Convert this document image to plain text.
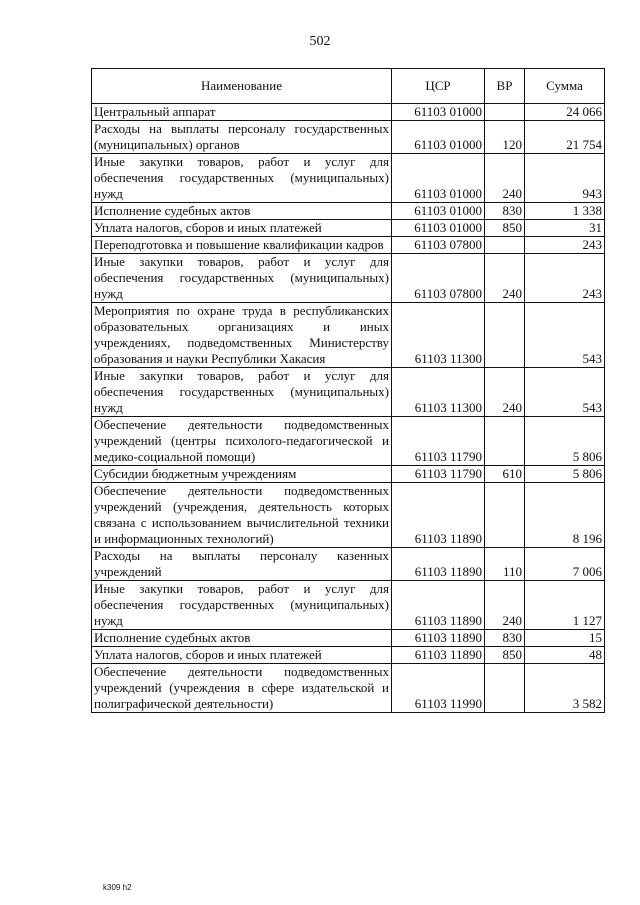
502
Наименование	ЦСР	ВР	Сумма
Центральный аппарат	61103 01000		24 066
Расходы на выплаты персоналу государственных (муниципальных) органов	61103 01000	120	21 754
Иные закупки товаров, работ и услуг для обеспечения государственных (муниципальных) нужд	61103 01000	240	943
Исполнение судебных актов	61103 01000	830	1 338
Уплата налогов, сборов и иных платежей	61103 01000	850	31
Переподготовка и повышение квалификации кадров	61103 07800		243
Иные закупки товаров, работ и услуг для обеспечения государственных (муниципальных) нужд	61103 07800	240	243
Мероприятия по охране труда в республиканских образовательных организациях и иных учреждениях, подведомственных Министерству образования и науки Республики Хакасия	61103 11300		543
Иные закупки товаров, работ и услуг для обеспечения государственных (муниципальных) нужд	61103 11300	240	543
Обеспечение деятельности подведомственных учреждений (центры психолого-педагогической и медико-социальной помощи)	61103 11790		5 806
Субсидии бюджетным учреждениям	61103 11790	610	5 806
Обеспечение деятельности подведомственных учреждений (учреждения, деятельность которых связана с использованием вычислительной техники и информационных технологий)	61103 11890		8 196
Расходы на выплаты персоналу казенных учреждений	61103 11890	110	7 006
Иные закупки товаров, работ и услуг для обеспечения государственных (муниципальных) нужд	61103 11890	240	1 127
Исполнение судебных актов	61103 11890	830	15
Уплата налогов, сборов и иных платежей	61103 11890	850	48
Обеспечение деятельности подведомственных учреждений (учреждения в сфере издательской и полиграфической деятельности)	61103 11990		3 582
k309 h2
